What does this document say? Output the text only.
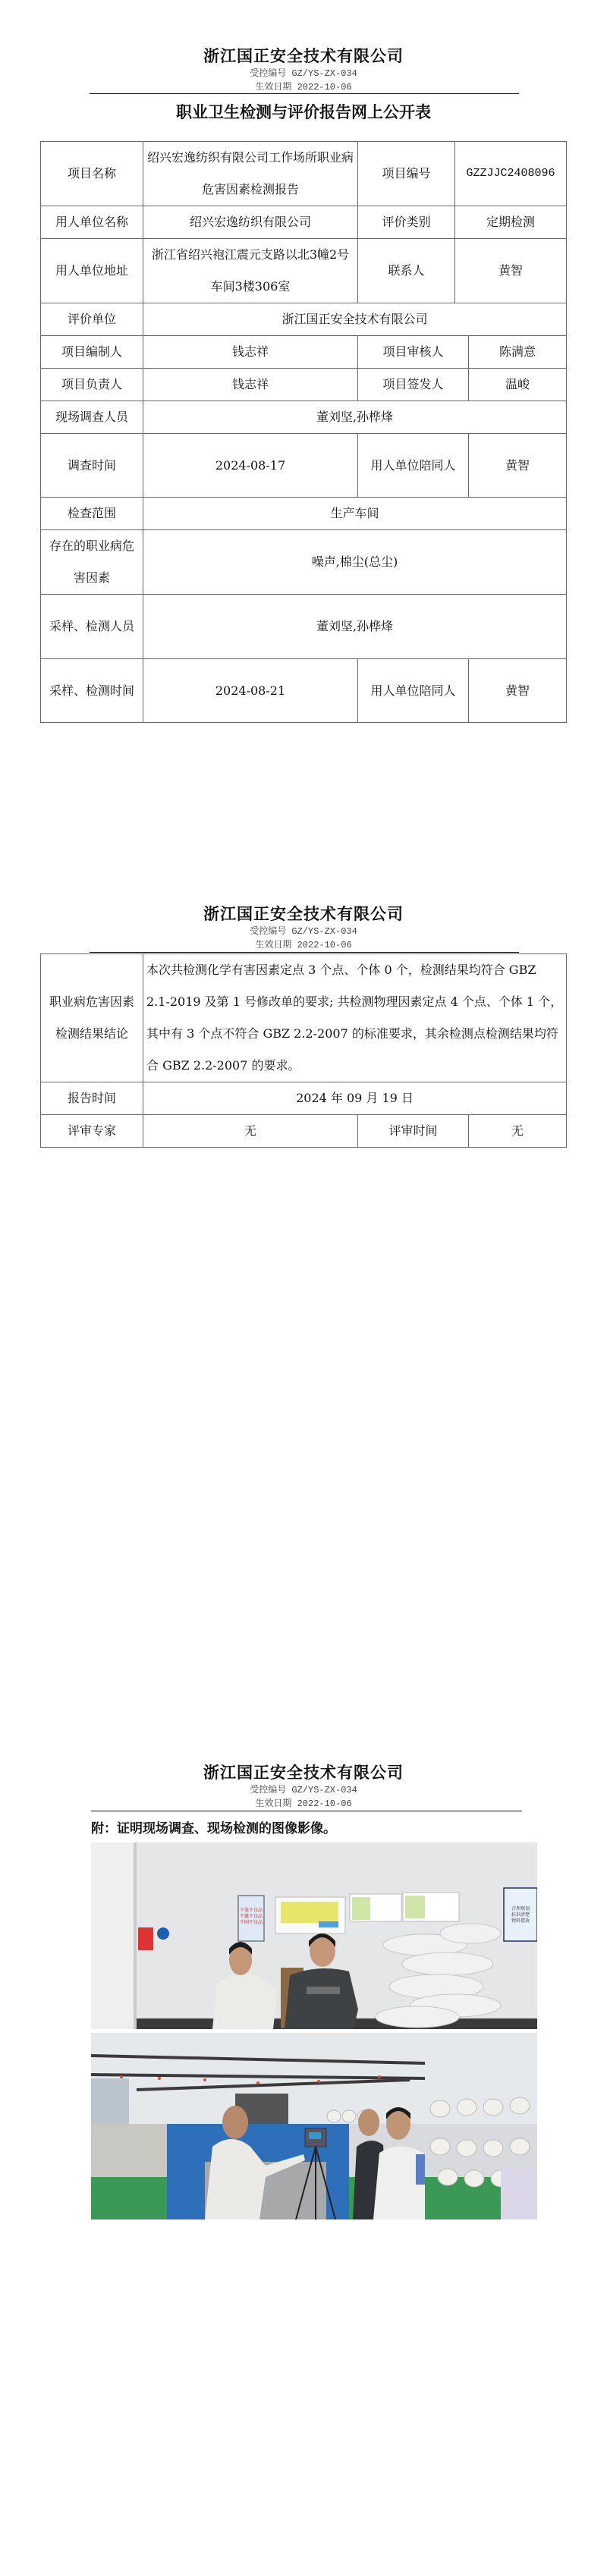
浙江国正安全技术有限公司
受控编号 GZ/YS-ZX-034
生效日期 2022-10-06
职业卫生检测与评价报告网上公开表
项目名称	绍兴宏逸纺织有限公司工作场所职业病危害因素检测报告	项目编号	GZZJJC2408096	
用人单位名称	绍兴宏逸纺织有限公司	评价类别	定期检测	
用人单位地址	浙江省绍兴袍江震元支路以北3幢2号车间3楼306室	联系人	黄智	
评价单位	浙江国正安全技术有限公司			
项目编制人	钱志祥	项目审核人		陈满意
项目负责人	钱志祥	项目签发人		温峻
现场调查人员	董刘坚,孙桦烽			
调查时间	2024-08-17	用人单位陪同人		黄智
检查范围	生产车间			
存在的职业病危害因素	噪声,棉尘(总尘)			
采样、检测人员	董刘坚,孙桦烽			
采样、检测时间	2024-08-21	用人单位陪同人		黄智
浙江国正安全技术有限公司
受控编号 GZ/YS-ZX-034
生效日期 2022-10-06
职业病危害因素检测结果结论	本次共检测化学有害因素定点 3 个点、个体 0 个，检测结果均符合 GBZ 2.1-2019 及第 1 号修改单的要求; 共检测物理因素定点 4 个点、个体 1 个，其中有 3 个点不符合 GBZ 2.2-2007 的标准要求，其余检测点检测结果均符合 GBZ 2.2-2007 的要求。		
报告时间	2024 年 09 月 19 日		
评审专家	无	评审时间	无
浙江国正安全技术有限公司
受控编号 GZ/YS-ZX-034
生效日期 2022-10-06
附：证明现场调查、现场检测的图像影像。
不靠不良品 不露不良品 不困不良品
合理规划 标识清楚 物料摆放
